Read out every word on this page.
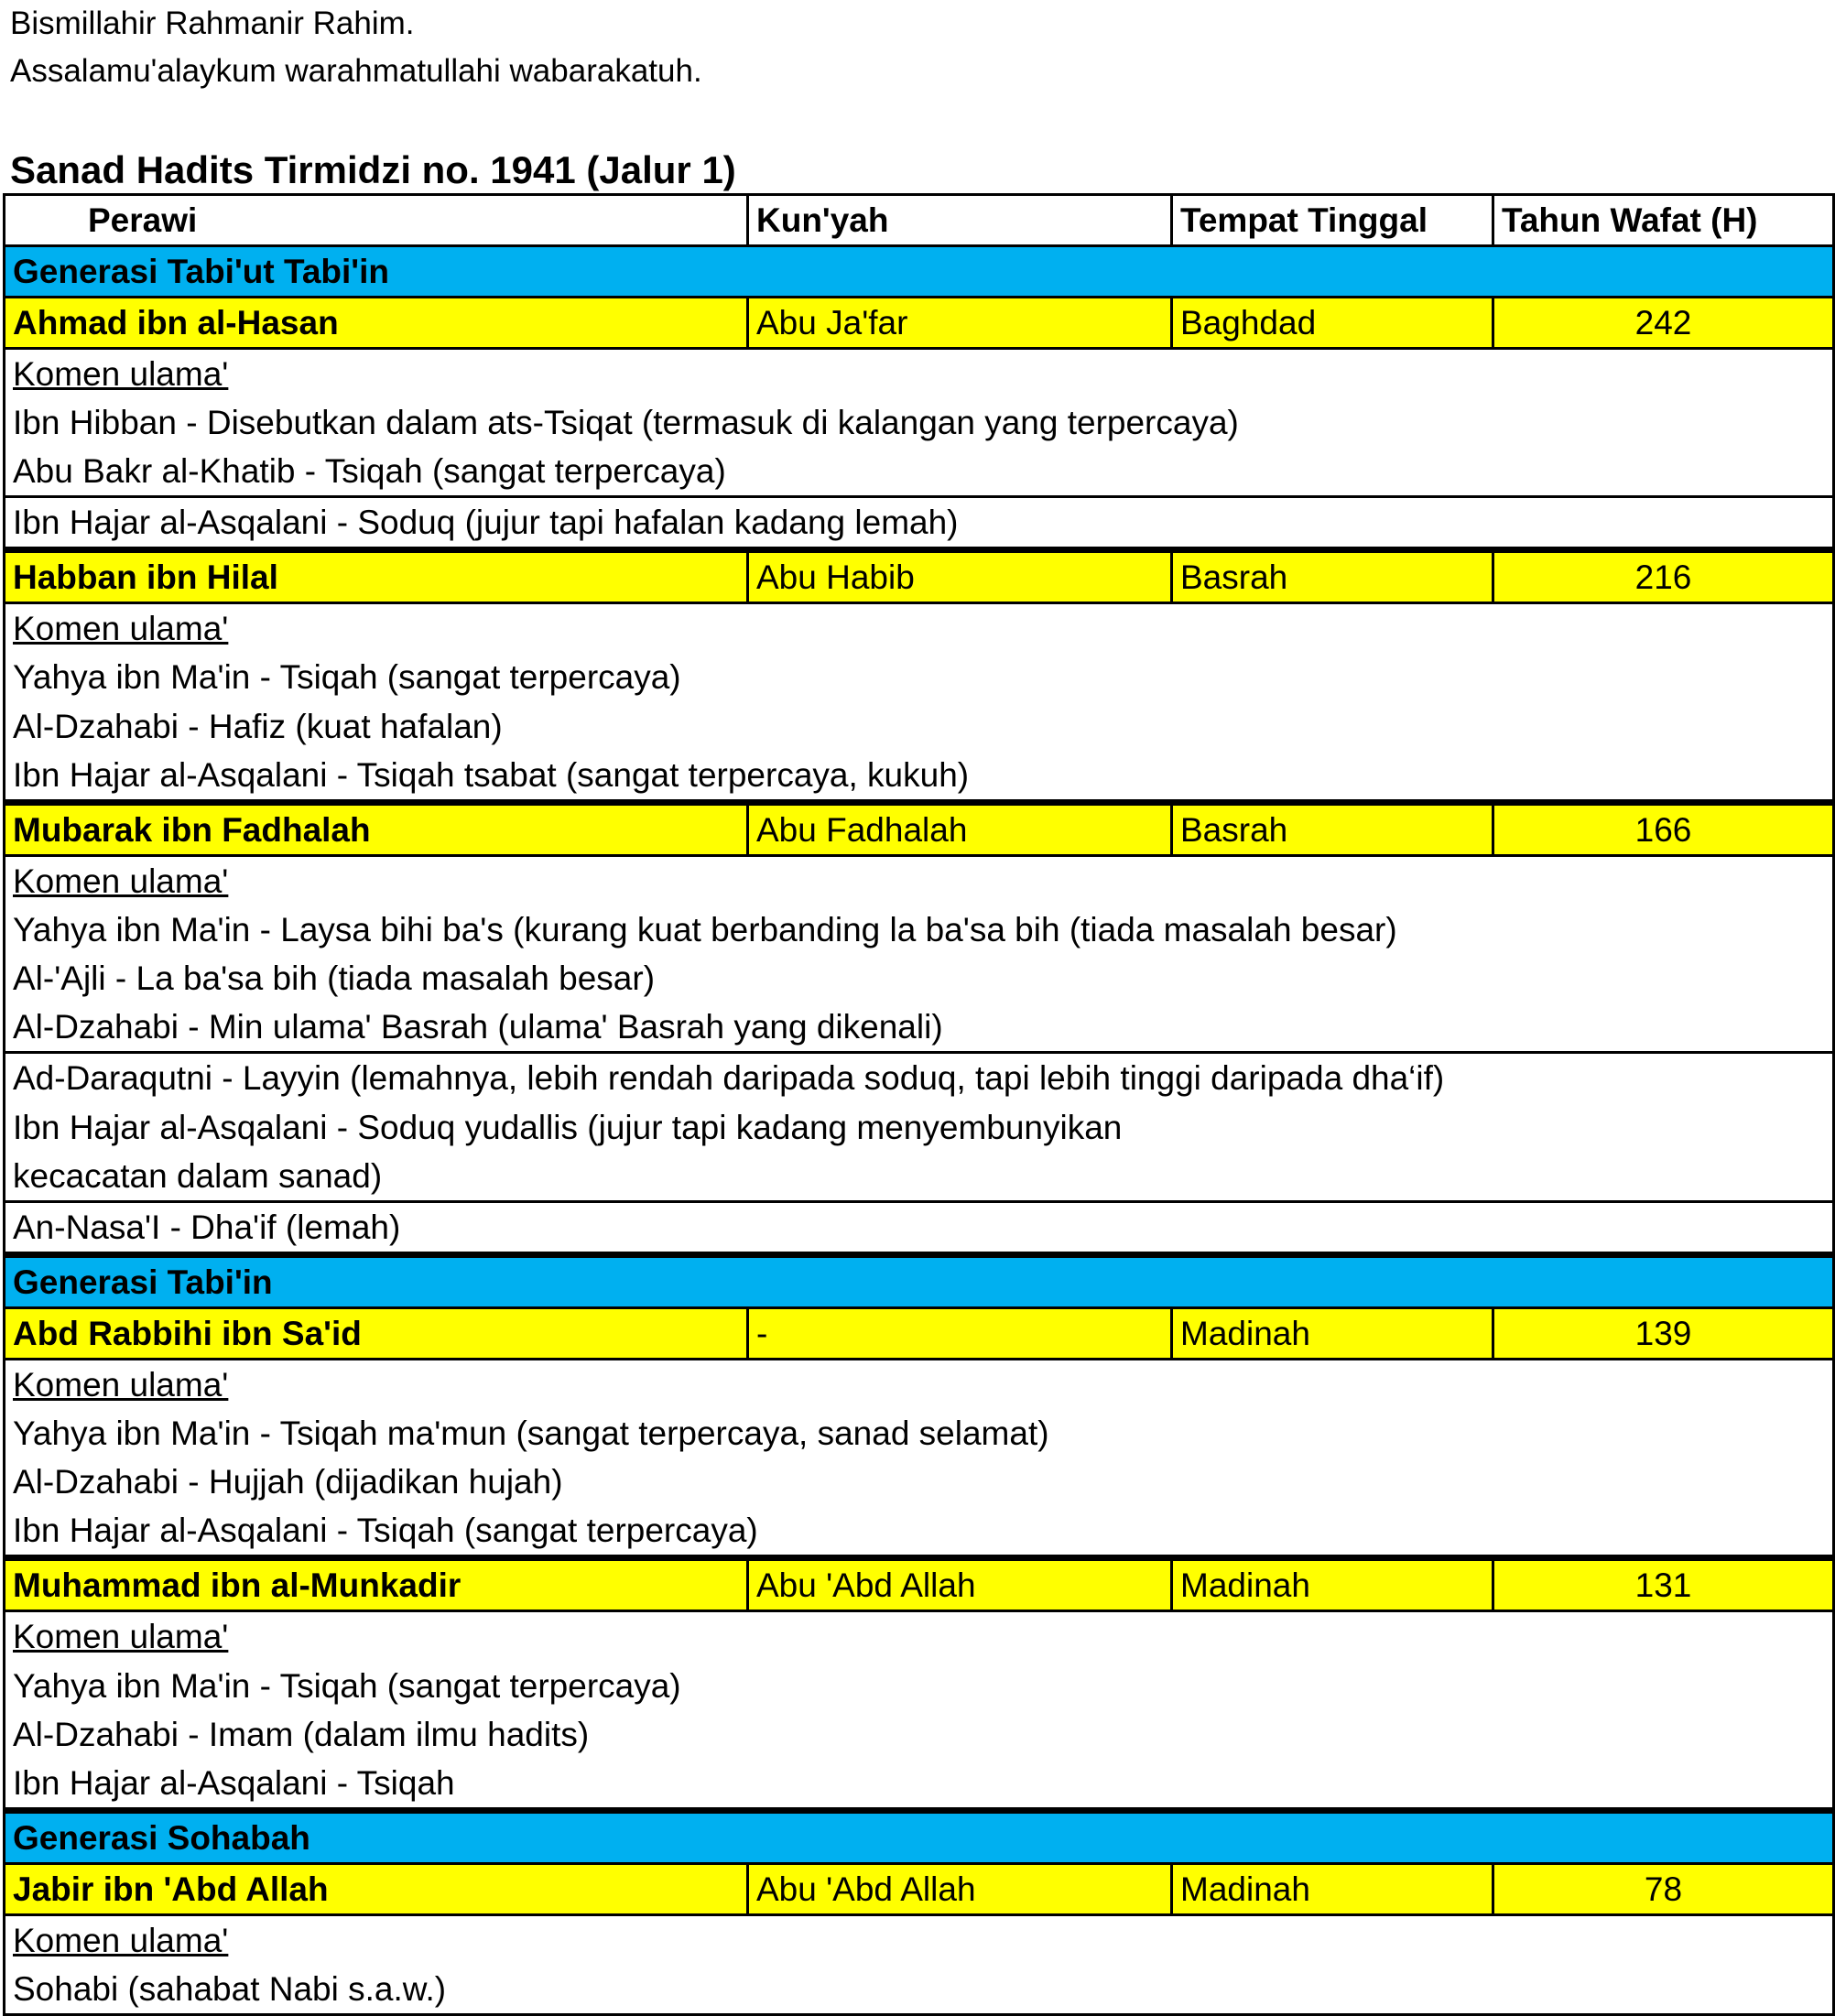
Bismillahir Rahmanir Rahim.
Assalamu'alaykum warahmatullahi wabarakatuh.
Sanad Hadits Tirmidzi no. 1941 (Jalur 1)
Perawi	Kun'yah	Tempat Tinggal	Tahun Wafat (H)
Generasi Tabi'ut Tabi'in			
Ahmad ibn al-Hasan	Abu Ja'far	Baghdad	242
Komen ulama'			
Ibn Hibban - Disebutkan dalam ats-Tsiqat (termasuk di kalangan yang terpercaya)			
Abu Bakr al-Khatib - Tsiqah (sangat terpercaya)			
Ibn Hajar al-Asqalani - Soduq (jujur tapi hafalan kadang lemah)			
Habban ibn Hilal	Abu Habib	Basrah	216
Komen ulama'			
Yahya ibn Ma'in - Tsiqah (sangat terpercaya)			
Al-Dzahabi - Hafiz (kuat hafalan)			
Ibn Hajar al-Asqalani - Tsiqah tsabat (sangat terpercaya, kukuh)			
Mubarak ibn Fadhalah	Abu Fadhalah	Basrah	166
Komen ulama'			
Yahya ibn Ma'in - Laysa bihi ba's (kurang kuat berbanding la ba'sa bih (tiada masalah besar)			
Al-'Ajli - La ba'sa bih (tiada masalah besar)			
Al-Dzahabi - Min ulama' Basrah (ulama' Basrah yang dikenali)			
Ad-Daraqutni - Layyin (lemahnya, lebih rendah daripada soduq, tapi lebih tinggi daripada dha‘if)			
Ibn Hajar al-Asqalani - Soduq yudallis (jujur tapi kadang menyembunyikan			
kecacatan dalam sanad)			
An-Nasa'I - Dha'if (lemah)			
Generasi Tabi'in			
Abd Rabbihi ibn Sa'id	-	Madinah	139
Komen ulama'			
Yahya ibn Ma'in - Tsiqah ma'mun (sangat terpercaya, sanad selamat)			
Al-Dzahabi - Hujjah (dijadikan hujah)			
Ibn Hajar al-Asqalani - Tsiqah (sangat terpercaya)			
Muhammad ibn al-Munkadir	Abu 'Abd Allah	Madinah	131
Komen ulama'			
Yahya ibn Ma'in - Tsiqah (sangat terpercaya)			
Al-Dzahabi - Imam (dalam ilmu hadits)			
Ibn Hajar al-Asqalani - Tsiqah			
Generasi Sohabah			
Jabir ibn 'Abd Allah	Abu 'Abd Allah	Madinah	78
Komen ulama'			
Sohabi (sahabat Nabi s.a.w.)			
